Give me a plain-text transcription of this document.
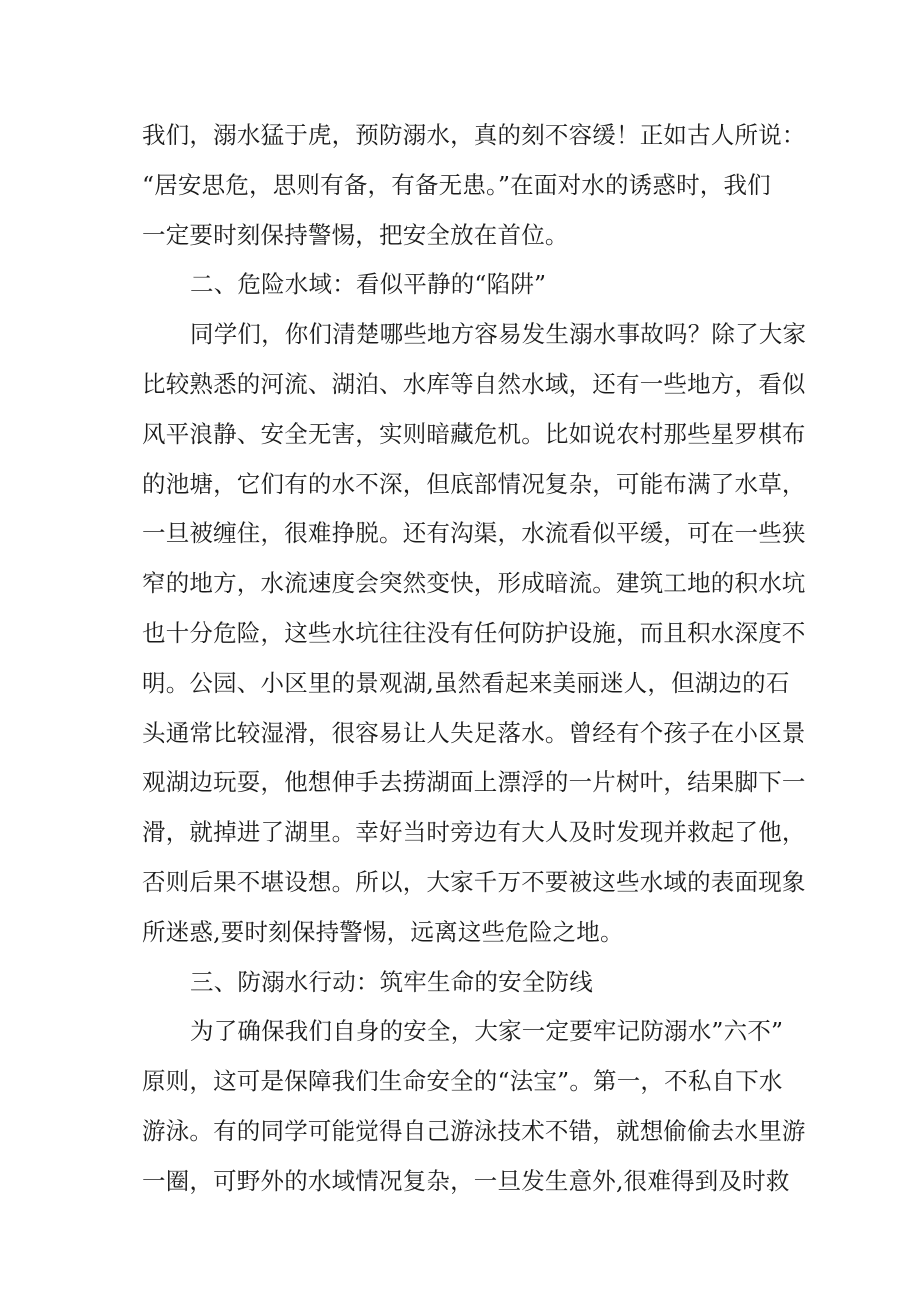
我们，溺水猛于虎，预防溺水，真的刻不容缓！正如古人所说：
“居安思危，思则有备，有备无患。”在面对水的诱惑时，我们
一定要时刻保持警惕，把安全放在首位。
二、危险水域：看似平静的“陷阱”
同学们，你们清楚哪些地方容易发生溺水事故吗？除了大家
比较熟悉的河流、湖泊、水库等自然水域，还有一些地方，看似
风平浪静、安全无害，实则暗藏危机。比如说农村那些星罗棋布
的池塘，它们有的水不深，但底部情况复杂，可能布满了水草，
一旦被缠住，很难挣脱。还有沟渠，水流看似平缓，可在一些狭
窄的地方，水流速度会突然变快，形成暗流。建筑工地的积水坑
也十分危险，这些水坑往往没有任何防护设施，而且积水深度不
明。公园、小区里的景观湖,虽然看起来美丽迷人，但湖边的石
头通常比较湿滑，很容易让人失足落水。曾经有个孩子在小区景
观湖边玩耍，他想伸手去捞湖面上漂浮的一片树叶，结果脚下一
滑，就掉进了湖里。幸好当时旁边有大人及时发现并救起了他，
否则后果不堪设想。所以，大家千万不要被这些水域的表面现象
所迷惑,要时刻保持警惕，远离这些危险之地。
三、防溺水行动：筑牢生命的安全防线
为了确保我们自身的安全，大家一定要牢记防溺水”六不”
原则，这可是保障我们生命安全的“法宝”。第一，不私自下水
游泳。有的同学可能觉得自己游泳技术不错，就想偷偷去水里游
一圈，可野外的水域情况复杂，一旦发生意外,很难得到及时救
